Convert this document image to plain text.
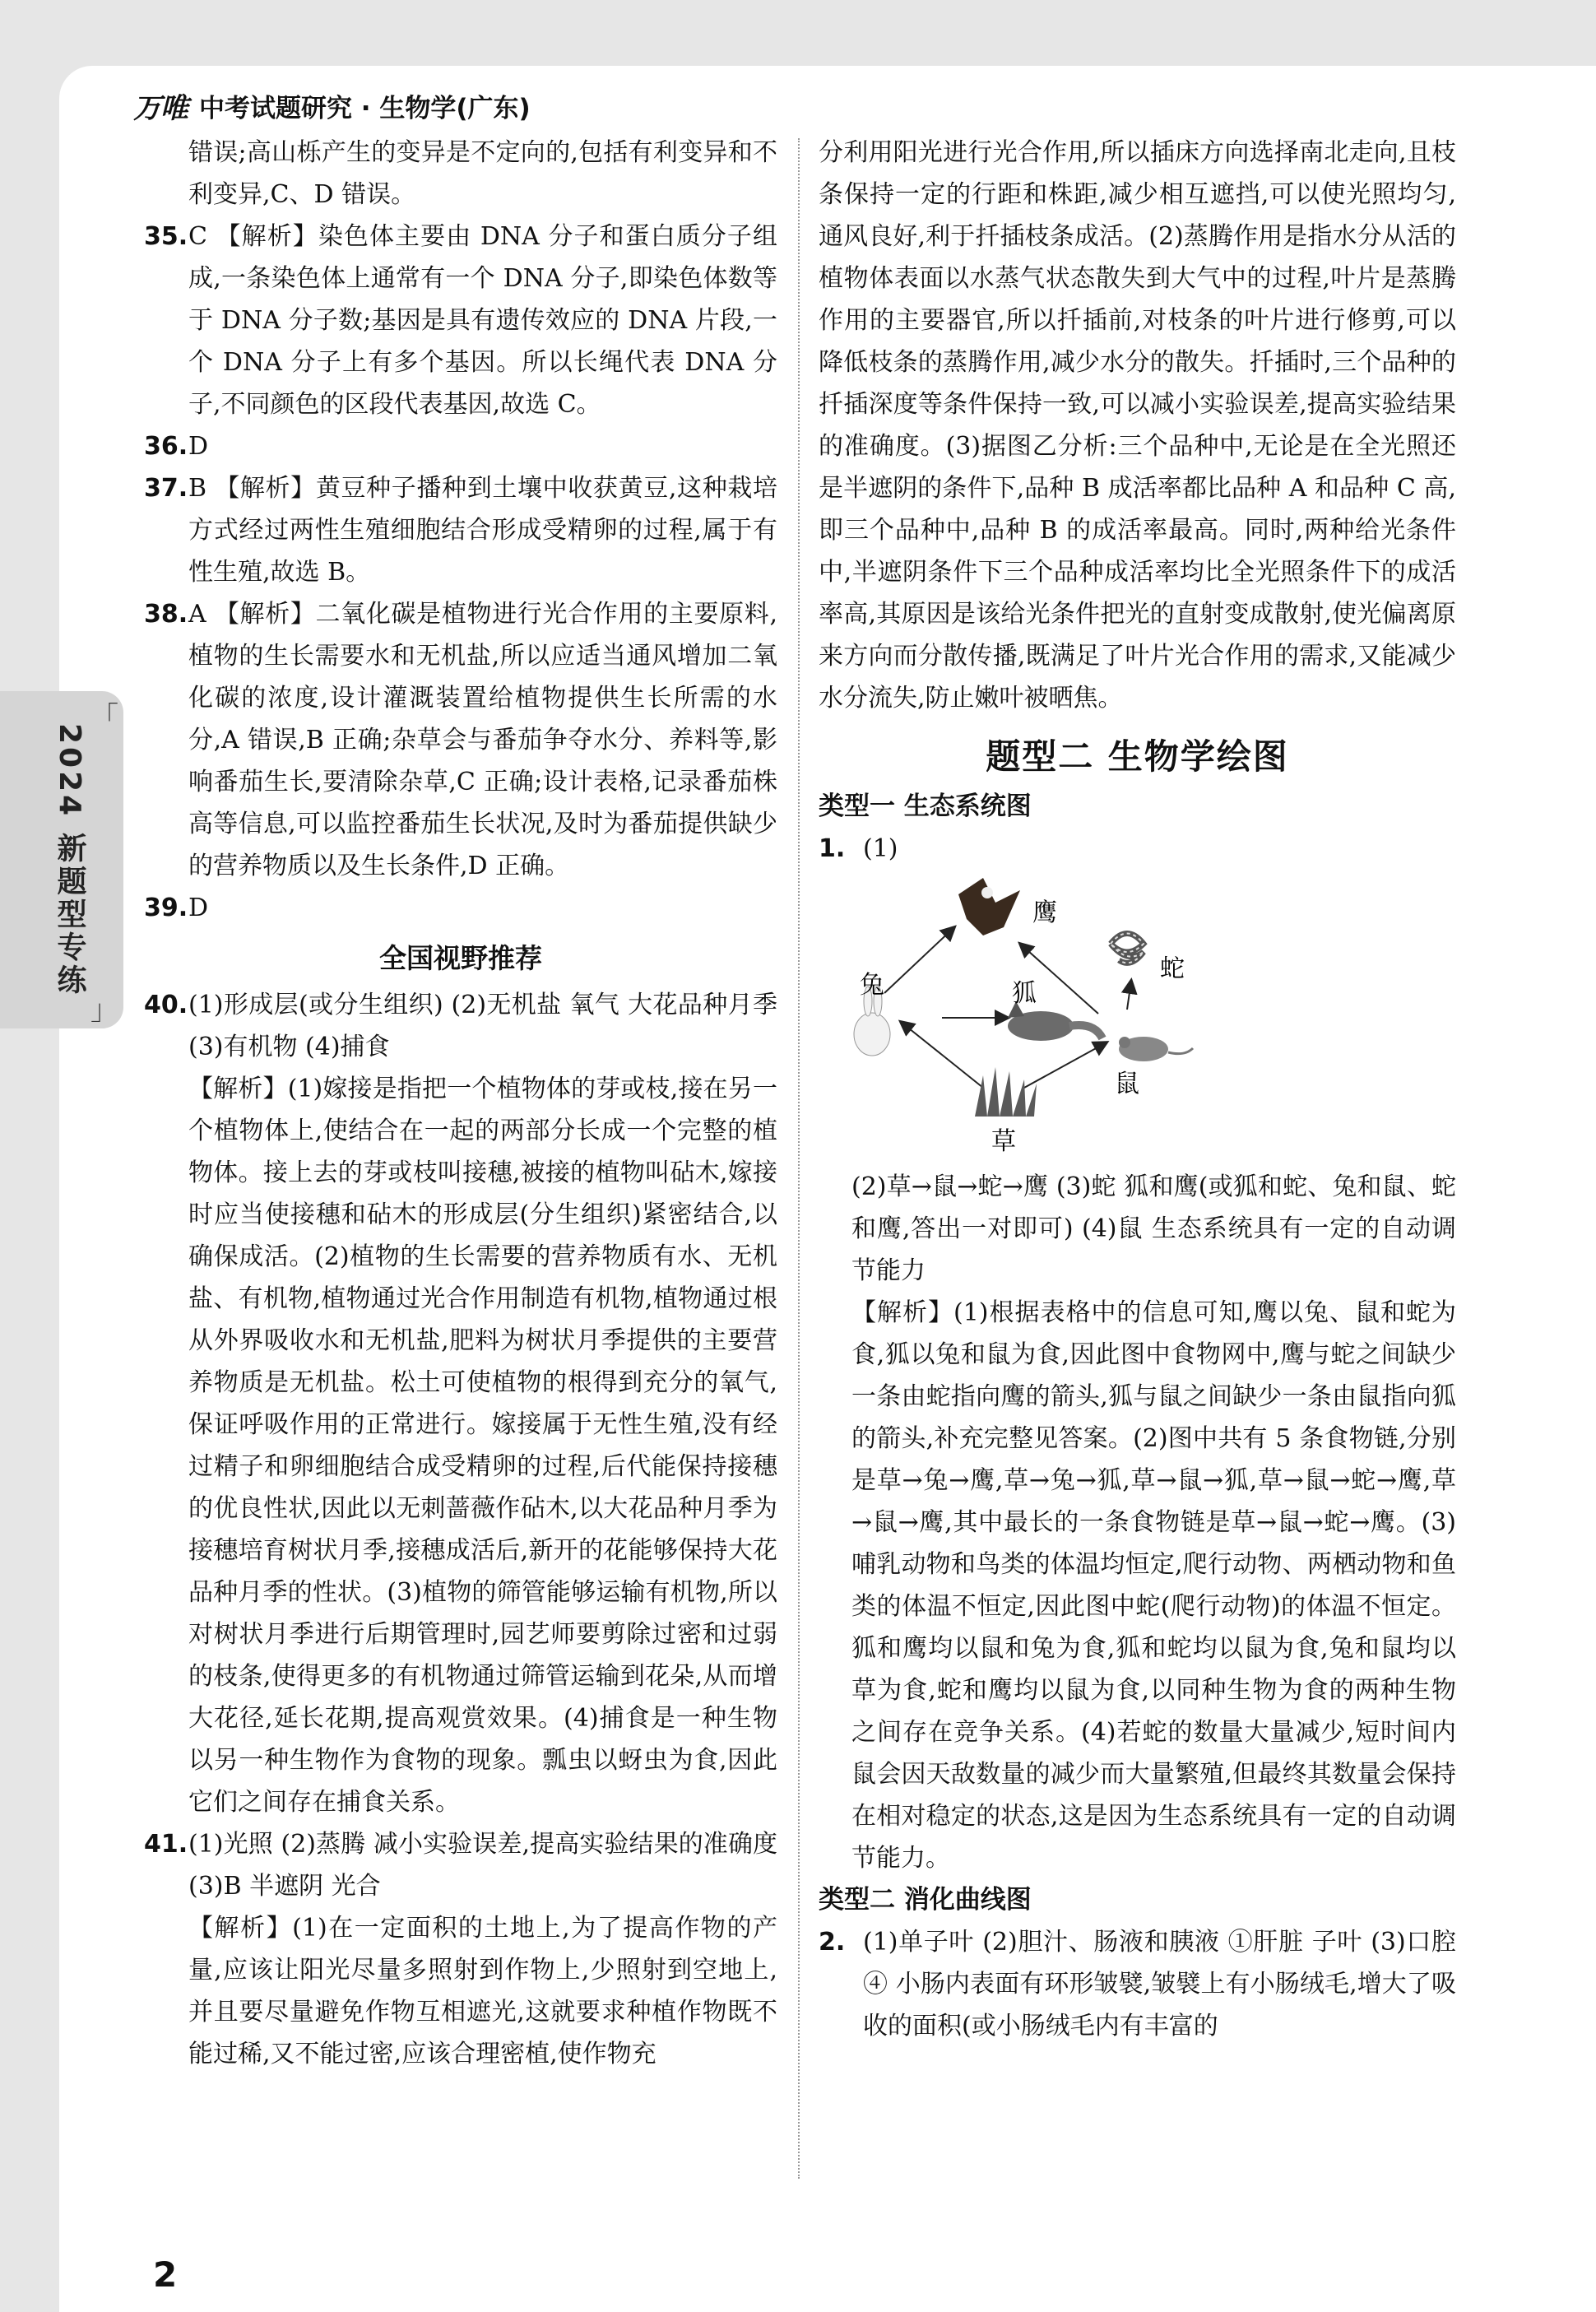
万唯 中考试题研究 · 生物学(广东)
「
2024 新题型专练
」

错误;高山栎产生的变异是不定向的,包括有利变异和不利变异,C、D 错误。

35. C 【解析】染色体主要由 DNA 分子和蛋白质分子组成,一条染色体上通常有一个 DNA 分子,即染色体数等于 DNA 分子数;基因是具有遗传效应的 DNA 片段,一个 DNA 分子上有多个基因。所以长绳代表 DNA 分子,不同颜色的区段代表基因,故选 C。

36. D

37. B 【解析】黄豆种子播种到土壤中收获黄豆,这种栽培方式经过两性生殖细胞结合形成受精卵的过程,属于有性生殖,故选 B。

38. A 【解析】二氧化碳是植物进行光合作用的主要原料,植物的生长需要水和无机盐,所以应适当通风增加二氧化碳的浓度,设计灌溉装置给植物提供生长所需的水分,A 错误,B 正确;杂草会与番茄争夺水分、养料等,影响番茄生长,要清除杂草,C 正确;设计表格,记录番茄株高等信息,可以监控番茄生长状况,及时为番茄提供缺少的营养物质以及生长条件,D 正确。

39. D

全国视野推荐
40. (1)形成层(或分生组织) (2)无机盐 氧气 大花品种月季 (3)有机物 (4)捕食

【解析】(1)嫁接是指把一个植物体的芽或枝,接在另一个植物体上,使结合在一起的两部分长成一个完整的植物体。接上去的芽或枝叫接穗,被接的植物叫砧木,嫁接时应当使接穗和砧木的形成层(分生组织)紧密结合,以确保成活。(2)植物的生长需要的营养物质有水、无机盐、有机物,植物通过光合作用制造有机物,植物通过根从外界吸收水和无机盐,肥料为树状月季提供的主要营养物质是无机盐。松土可使植物的根得到充分的氧气,保证呼吸作用的正常进行。嫁接属于无性生殖,没有经过精子和卵细胞结合成受精卵的过程,后代能保持接穗的优良性状,因此以无刺蔷薇作砧木,以大花品种月季为接穗培育树状月季,接穗成活后,新开的花能够保持大花品种月季的性状。(3)植物的筛管能够运输有机物,所以对树状月季进行后期管理时,园艺师要剪除过密和过弱的枝条,使得更多的有机物通过筛管运输到花朵,从而增大花径,延长花期,提高观赏效果。(4)捕食是一种生物以另一种生物作为食物的现象。瓢虫以蚜虫为食,因此它们之间存在捕食关系。

41. (1)光照 (2)蒸腾 减小实验误差,提高实验结果的准确度 (3)B 半遮阴 光合

【解析】(1)在一定面积的土地上,为了提高作物的产量,应该让阳光尽量多照射到作物上,少照射到空地上,并且要尽量避免作物互相遮光,这就要求种植作物既不能过稀,又不能过密,应该合理密植,使作物充

分利用阳光进行光合作用,所以插床方向选择南北走向,且枝条保持一定的行距和株距,减少相互遮挡,可以使光照均匀,通风良好,利于扦插枝条成活。(2)蒸腾作用是指水分从活的植物体表面以水蒸气状态散失到大气中的过程,叶片是蒸腾作用的主要器官,所以扦插前,对枝条的叶片进行修剪,可以降低枝条的蒸腾作用,减少水分的散失。扦插时,三个品种的扦插深度等条件保持一致,可以减小实验误差,提高实验结果的准确度。(3)据图乙分析:三个品种中,无论是在全光照还是半遮阴的条件下,品种 B 成活率都比品种 A 和品种 C 高,即三个品种中,品种 B 的成活率最高。同时,两种给光条件中,半遮阴条件下三个品种成活率均比全光照条件下的成活率高,其原因是该给光条件把光的直射变成散射,使光偏离原来方向而分散传播,既满足了叶片光合作用的需求,又能减少水分流失,防止嫩叶被晒焦。

题型二 生物学绘图
类型一 生态系统图
1. (1)
鹰
蛇
兔	狐
鼠
草

(2)草→鼠→蛇→鹰 (3)蛇 狐和鹰(或狐和蛇、兔和鼠、蛇和鹰,答出一对即可) (4)鼠 生态系统具有一定的自动调节能力

【解析】(1)根据表格中的信息可知,鹰以兔、鼠和蛇为食,狐以兔和鼠为食,因此图中食物网中,鹰与蛇之间缺少一条由蛇指向鹰的箭头,狐与鼠之间缺少一条由鼠指向狐的箭头,补充完整见答案。(2)图中共有 5 条食物链,分别是草→兔→鹰,草→兔→狐,草→鼠→狐,草→鼠→蛇→鹰,草→鼠→鹰,其中最长的一条食物链是草→鼠→蛇→鹰。(3)哺乳动物和鸟类的体温均恒定,爬行动物、两栖动物和鱼类的体温不恒定,因此图中蛇(爬行动物)的体温不恒定。狐和鹰均以鼠和兔为食,狐和蛇均以鼠为食,兔和鼠均以草为食,蛇和鹰均以鼠为食,以同种生物为食的两种生物之间存在竞争关系。(4)若蛇的数量大量减少,短时间内鼠会因天敌数量的减少而大量繁殖,但最终其数量会保持在相对稳定的状态,这是因为生态系统具有一定的自动调节能力。

类型二 消化曲线图
2. (1)单子叶 (2)胆汁、肠液和胰液 ①肝脏 子叶 (3)口腔 ④ 小肠内表面有环形皱襞,皱襞上有小肠绒毛,增大了吸收的面积(或小肠绒毛内有丰富的

2
